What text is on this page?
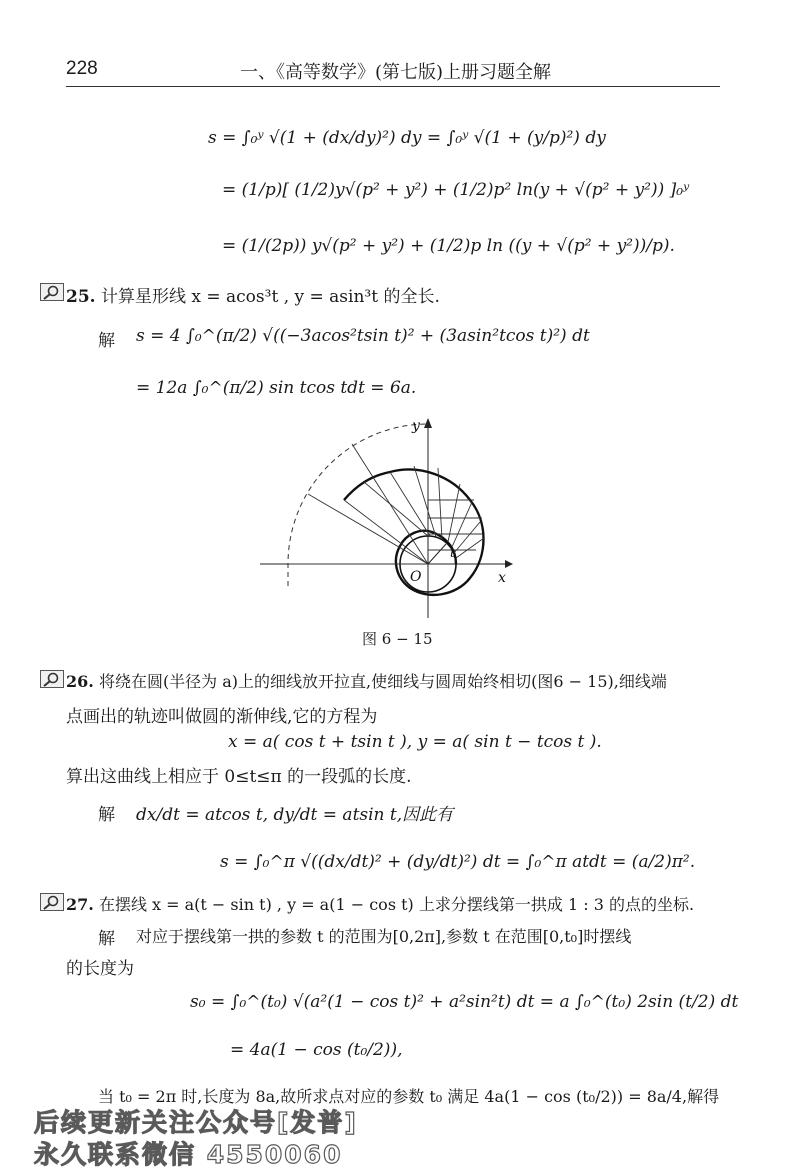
228	一、《高等数学》(第七版)上册习题全解
s = ∫₀ʸ √(1 + (dx/dy)²) dy = ∫₀ʸ √(1 + (y/p)²) dy
= (1/p)[ (1/2)y√(p² + y²) + (1/2)p² ln(y + √(p² + y²)) ]₀ʸ
= (1/(2p)) y√(p² + y²) + (1/2)p ln ((y + √(p² + y²))/p).
25. 计算星形线 x = acos³t , y = asin³t 的全长.
解 s = 4 ∫₀^(π/2) √((−3acos²tsin t)² + (3asin²tcos t)²) dt
= 12a ∫₀^(π/2) sin tcos tdt = 6a.
t
O	x
y
图 6 − 15
26. 将绕在圆(半径为 a)上的细线放开拉直,使细线与圆周始终相切(图6 − 15),细线端
点画出的轨迹叫做圆的渐伸线,它的方程为
x = a( cos t + tsin t ), y = a( sin t − tcos t ).
算出这曲线上相应于 0≤t≤π 的一段弧的长度.
解 dx/dt = atcos t, dy/dt = atsin t,因此有
s = ∫₀^π √((dx/dt)² + (dy/dt)²) dt = ∫₀^π atdt = (a/2)π².
27. 在摆线 x = a(t − sin t) , y = a(1 − cos t) 上求分摆线第一拱成 1 : 3 的点的坐标.
解 对应于摆线第一拱的参数 t 的范围为[0,2π],参数 t 在范围[0,t₀]时摆线
的长度为
s₀ = ∫₀^(t₀) √(a²(1 − cos t)² + a²sin²t) dt = a ∫₀^(t₀) 2sin (t/2) dt
= 4a(1 − cos (t₀/2)),
当 t₀ = 2π 时,长度为 8a,故所求点对应的参数 t₀ 满足 4a(1 − cos (t₀/2)) = 8a/4,解得
后续更新关注公众号[发普]
永久联系微信 4550060
